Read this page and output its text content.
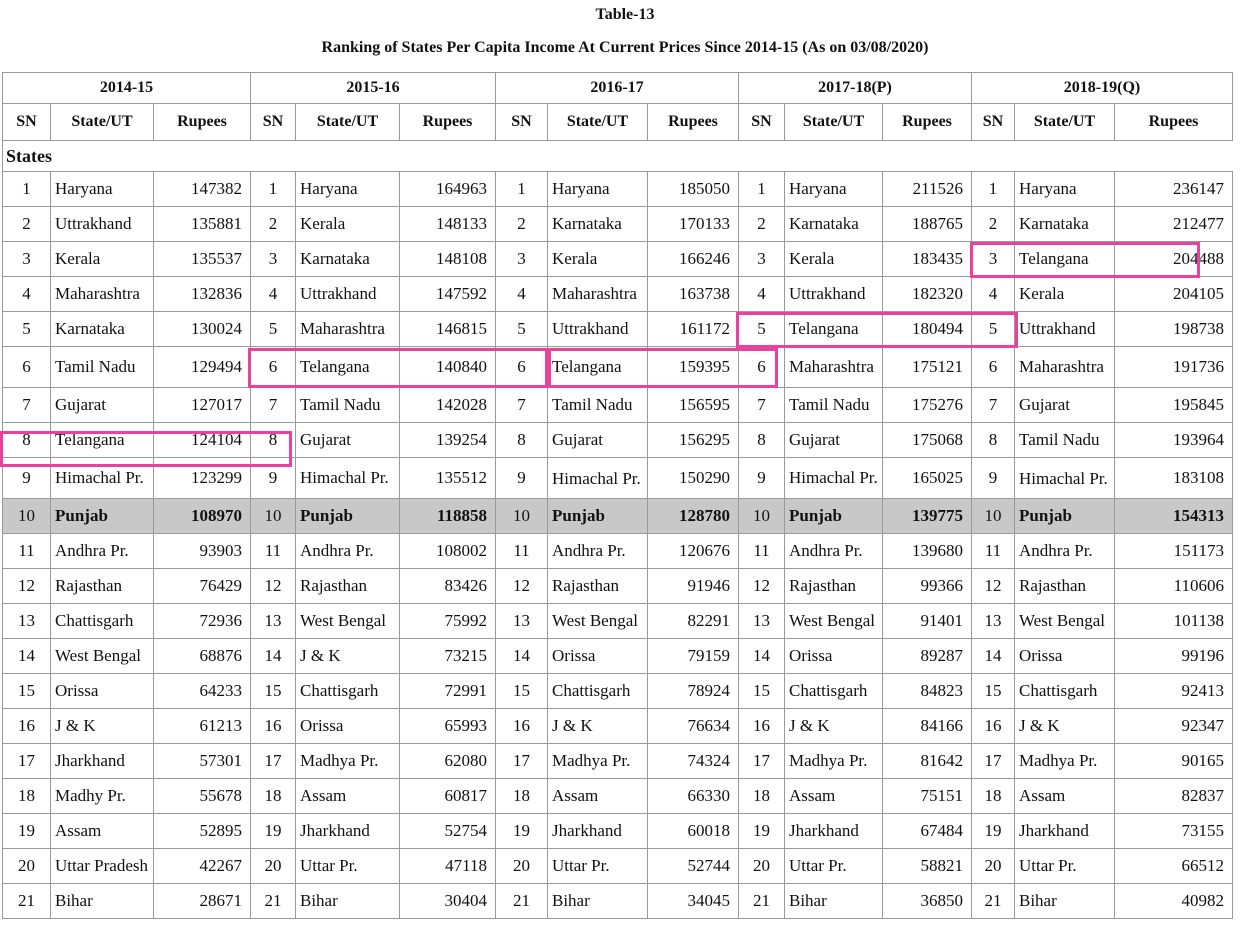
Table-13
Ranking of States Per Capita Income At Current Prices Since 2014-15 (As on 03/08/2020)
2014-15			2015-16			2016-17			2017-18(P)			2018-19(Q)		
SN	State/UT	Rupees	SN	State/UT	Rupees	SN	State/UT	Rupees	SN	State/UT	Rupees	SN	State/UT	Rupees
States														
1	Haryana	147382	1	Haryana	164963	1	Haryana	185050	1	Haryana	211526	1	Haryana	236147
2	Uttrakhand	135881	2	Kerala	148133	2	Karnataka	170133	2	Karnataka	188765	2	Karnataka	212477
3	Kerala	135537	3	Karnataka	148108	3	Kerala	166246	3	Kerala	183435	3	Telangana	204488
4	Maharashtra	132836	4	Uttrakhand	147592	4	Maharashtra	163738	4	Uttrakhand	182320	4	Kerala	204105
5	Karnataka	130024	5	Maharashtra	146815	5	Uttrakhand	161172	5	Telangana	180494	5	Uttrakhand	198738
6	Tamil Nadu	129494	6	Telangana	140840	6	Telangana	159395	6	Maharashtra	175121	6	Maharashtra	191736
7	Gujarat	127017	7	Tamil Nadu	142028	7	Tamil Nadu	156595	7	Tamil Nadu	175276	7	Gujarat	195845
8	Telangana	124104	8	Gujarat	139254	8	Gujarat	156295	8	Gujarat	175068	8	Tamil Nadu	193964
9	Himachal Pr.	123299	9	Himachal Pr.	135512	9	Himachal Pr.	150290	9	Himachal Pr.	165025	9	Himachal Pr.	183108
10	Punjab	108970	10	Punjab	118858	10	Punjab	128780	10	Punjab	139775	10	Punjab	154313
11	Andhra Pr.	93903	11	Andhra Pr.	108002	11	Andhra Pr.	120676	11	Andhra Pr.	139680	11	Andhra Pr.	151173
12	Rajasthan	76429	12	Rajasthan	83426	12	Rajasthan	91946	12	Rajasthan	99366	12	Rajasthan	110606
13	Chattisgarh	72936	13	West Bengal	75992	13	West Bengal	82291	13	West Bengal	91401	13	West Bengal	101138
14	West Bengal	68876	14	J & K	73215	14	Orissa	79159	14	Orissa	89287	14	Orissa	99196
15	Orissa	64233	15	Chattisgarh	72991	15	Chattisgarh	78924	15	Chattisgarh	84823	15	Chattisgarh	92413
16	J & K	61213	16	Orissa	65993	16	J & K	76634	16	J & K	84166	16	J & K	92347
17	Jharkhand	57301	17	Madhya Pr.	62080	17	Madhya Pr.	74324	17	Madhya Pr.	81642	17	Madhya Pr.	90165
18	Madhy Pr.	55678	18	Assam	60817	18	Assam	66330	18	Assam	75151	18	Assam	82837
19	Assam	52895	19	Jharkhand	52754	19	Jharkhand	60018	19	Jharkhand	67484	19	Jharkhand	73155
20	Uttar Pradesh	42267	20	Uttar Pr.	47118	20	Uttar Pr.	52744	20	Uttar Pr.	58821	20	Uttar Pr.	66512
21	Bihar	28671	21	Bihar	30404	21	Bihar	34045	21	Bihar	36850	21	Bihar	40982
